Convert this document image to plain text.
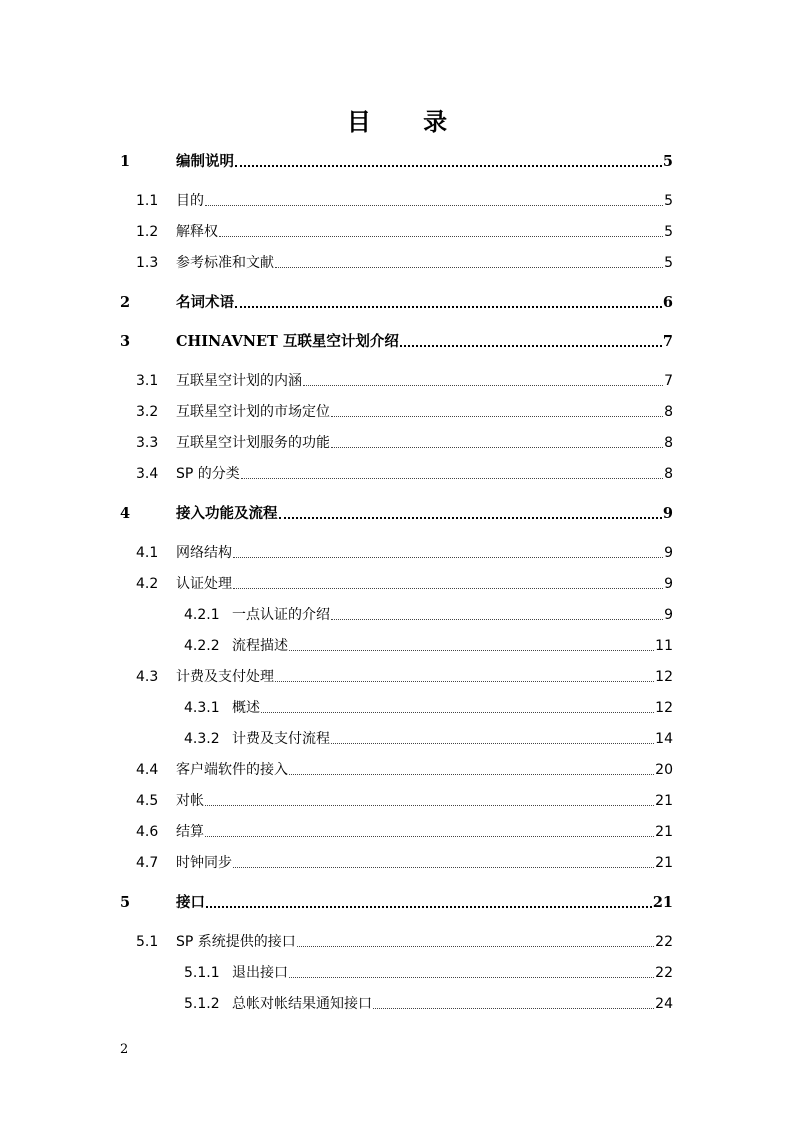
目 录
1	编制说明	5
1.1 目的	5
1.2 解释权	5
1.3 参考标准和文献	5
2	名词术语	6
3	CHINAVNET 互联星空计划介绍	7
3.1 互联星空计划的内涵	7
3.2 互联星空计划的市场定位	8
3.3 互联星空计划服务的功能	8
3.4 SP 的分类	8
4	接入功能及流程	9
4.1 网络结构	9
4.2 认证处理	9
4.2.1 一点认证的介绍	9
4.2.2 流程描述	11
4.3 计费及支付处理	12
4.3.1 概述	12
4.3.2 计费及支付流程	14
4.4 客户端软件的接入	20
4.5 对帐	21
4.6 结算	21
4.7 时钟同步	21
5	接口	21
5.1 SP 系统提供的接口	22
5.1.1 退出接口	22
5.1.2 总帐对帐结果通知接口	24
2
